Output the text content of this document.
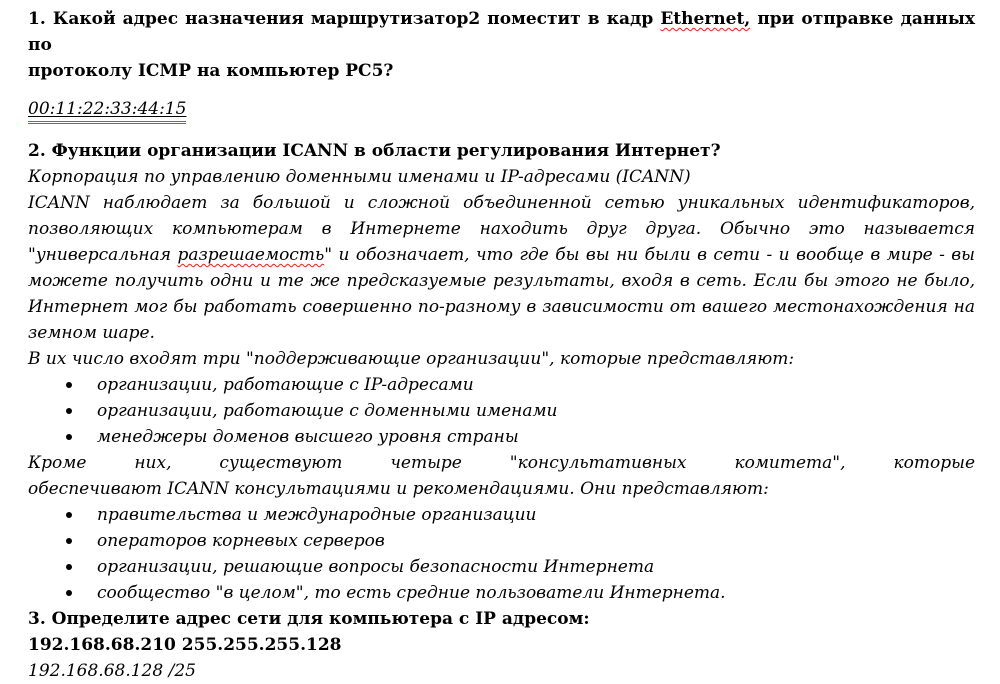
1. Какой адрес назначения маршрутизатор2 поместит в кадр Ethernet, при отправке данных по

протоколу ICMP на компьютер PC5?

00:11:22:33:44:15

2. Функции организации ICANN в области регулирования Интернет?

Корпорация по управлению доменными именами и IP-адресами (ICANN)

ICANN наблюдает за большой и сложной объединенной сетью уникальных идентификаторов, позволяющих компьютерам в Интернете находить друг друга. Обычно это называется "универсальная разрешаемость" и обозначает, что где бы вы ни были в сети - и вообще в мире - вы можете получить одни и те же предсказуемые результаты, входя в сеть. Если бы этого не было, Интернет мог бы работать совершенно по-разному в зависимости от вашего местонахождения на земном шаре.

В их число входят три "поддерживающие организации", которые представляют:

организации, работающие с IP-адресами
организации, работающие с доменными именами
менеджеры доменов высшего уровня страны

Кроме них, существуют четыре "консультативных комитета", которые

обеспечивают ICANN консультациями и рекомендациями. Они представляют:

правительства и международные организации
операторов корневых серверов
организации, решающие вопросы безопасности Интернета
сообщество "в целом", то есть средние пользователи Интернета.

3. Определите адрес сети для компьютера с IP адресом:

192.168.68.210 255.255.255.128

192.168.68.128 /25
